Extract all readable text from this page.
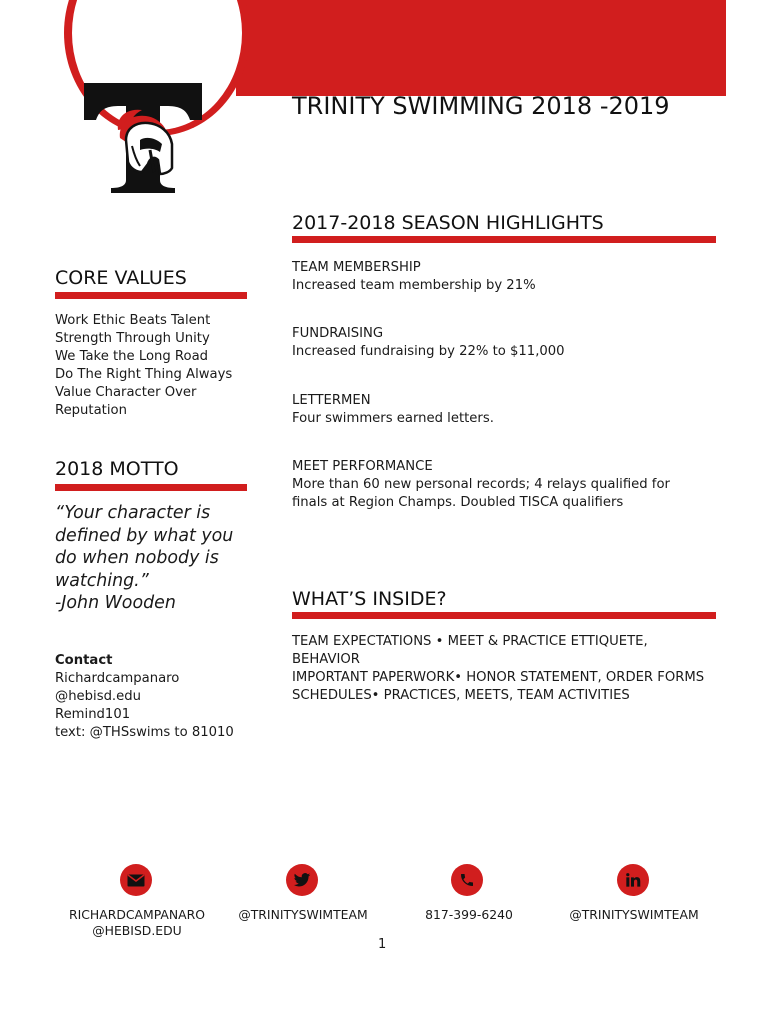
TRINITY SWIMMING 2018 -2019
2017-2018 SEASON HIGHLIGHTS
TEAM MEMBERSHIP
Increased team membership by 21%
FUNDRAISING
Increased fundraising by 22% to $11,000
LETTERMEN
Four swimmers earned letters.
MEET PERFORMANCE
More than 60 new personal records; 4 relays qualified for finals at Region Champs. Doubled TISCA qualifiers
CORE VALUES

Work Ethic Beats Talent

Strength Through Unity

We Take the Long Road

Do The Right Thing Always

Value Character Over Reputation

2018 MOTTO
“Your character is defined by what you do when nobody is watching.”
-John Wooden
Contact
Richardcampanaro
@hebisd.edu
Remind101
text: @THSswims to 81010
WHAT’S INSIDE?

TEAM EXPECTATIONS • MEET & PRACTICE ETTIQUETE, BEHAVIOR

IMPORTANT PAPERWORK• HONOR STATEMENT, ORDER FORMS

SCHEDULES• PRACTICES, MEETS, TEAM ACTIVITIES

RICHARDCAMPANARO
@HEBISD.EDU
@TRINITYSWIMTEAM	817-399-6240	@TRINITYSWIMTEAM
1
